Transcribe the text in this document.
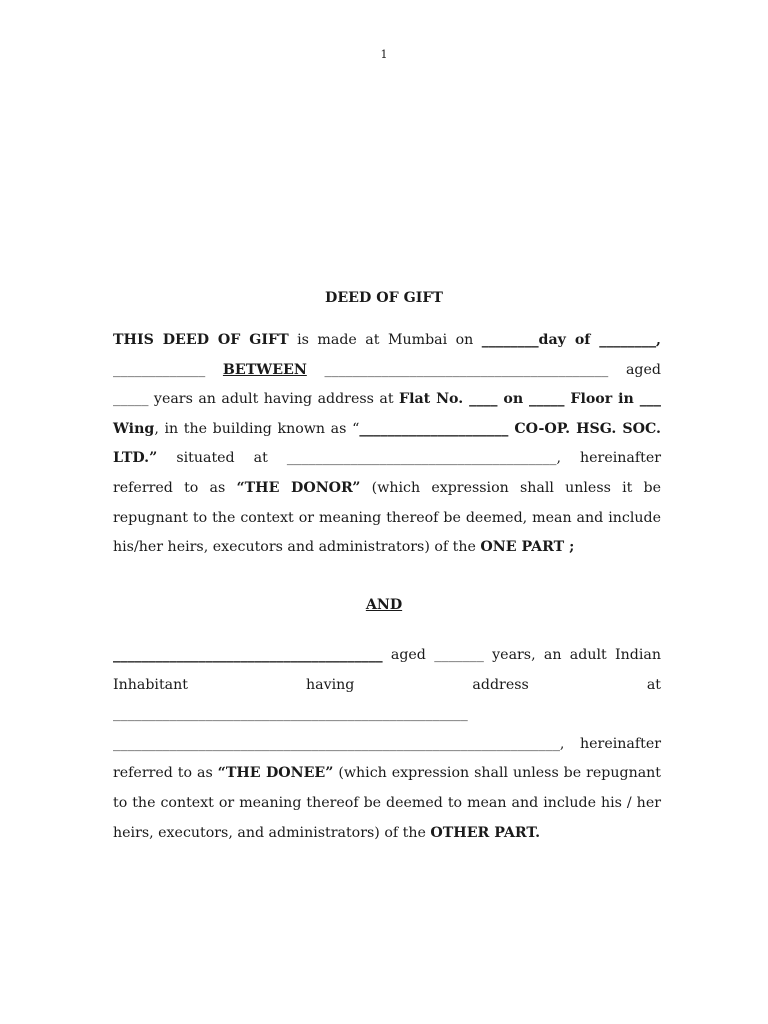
1
DEED OF GIFT

THIS DEED OF GIFT is made at Mumbai on ________day of ________, _____________ BETWEEN ________________________________________ aged _____ years an adult having address at Flat No. ____ on _____ Floor in ___ Wing, in the building known as “_____________________ CO-OP. HSG. SOC. LTD.” situated at ______________________________________, hereinafter referred to as “THE DONOR” (which expression shall unless it be repugnant to the context or meaning thereof be deemed, mean and include his/her heirs, executors and administrators) of the ONE PART ;

AND

______________________________________ aged _______ years, an adult Indian Inhabitant having address at __________________________________________________ _______________________________________________________________, hereinafter referred to as “THE DONEE” (which expression shall unless be repugnant to the context or meaning thereof be deemed to mean and include his / her heirs, executors, and administrators) of the OTHER PART.
